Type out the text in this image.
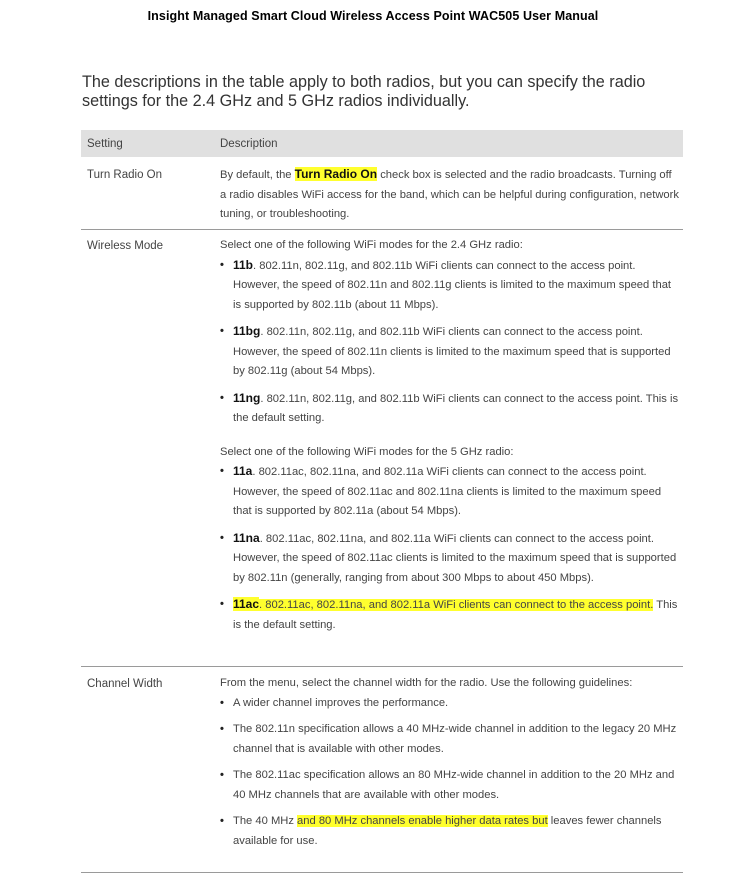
Insight Managed Smart Cloud Wireless Access Point WAC505 User Manual
The descriptions in the table apply to both radios, but you can specify the radio settings for the 2.4 GHz and 5 GHz radios individually.
Setting	Description
Turn Radio On	By default, the Turn Radio On check box is selected and the radio broadcasts. Turning off a radio disables WiFi access for the band, which can be helpful during configuration, network tuning, or troubleshooting.

Wireless Mode	Select one of the following WiFi modes for the 2.4 GHz radio:

• 11b. 802.11n, 802.11g, and 802.11b WiFi clients can connect to the access point. However, the speed of 802.11n and 802.11g clients is limited to the maximum speed that is supported by 802.11b (about 11 Mbps).
• 11bg. 802.11n, 802.11g, and 802.11b WiFi clients can connect to the access point. However, the speed of 802.11n clients is limited to the maximum speed that is supported by 802.11g (about 54 Mbps).
• 11ng. 802.11n, 802.11g, and 802.11b WiFi clients can connect to the access point. This is the default setting.

Select one of the following WiFi modes for the 5 GHz radio:

• 11a. 802.11ac, 802.11na, and 802.11a WiFi clients can connect to the access point. However, the speed of 802.11ac and 802.11na clients is limited to the maximum speed that is supported by 802.11a (about 54 Mbps).
• 11na. 802.11ac, 802.11na, and 802.11a WiFi clients can connect to the access point. However, the speed of 802.11ac clients is limited to the maximum speed that is supported by 802.11n (generally, ranging from about 300 Mbps to about 450 Mbps).
• 11ac. 802.11ac, 802.11na, and 802.11a WiFi clients can connect to the access point. This is the default setting.
Channel Width	From the menu, select the channel width for the radio. Use the following guidelines:

• A wider channel improves the performance.
• The 802.11n specification allows a 40 MHz-wide channel in addition to the legacy 20 MHz channel that is available with other modes.
• The 802.11ac specification allows an 80 MHz-wide channel in addition to the 20 MHz and 40 MHz channels that are available with other modes.
• The 40 MHz and 80 MHz channels enable higher data rates but leaves fewer channels available for use.
